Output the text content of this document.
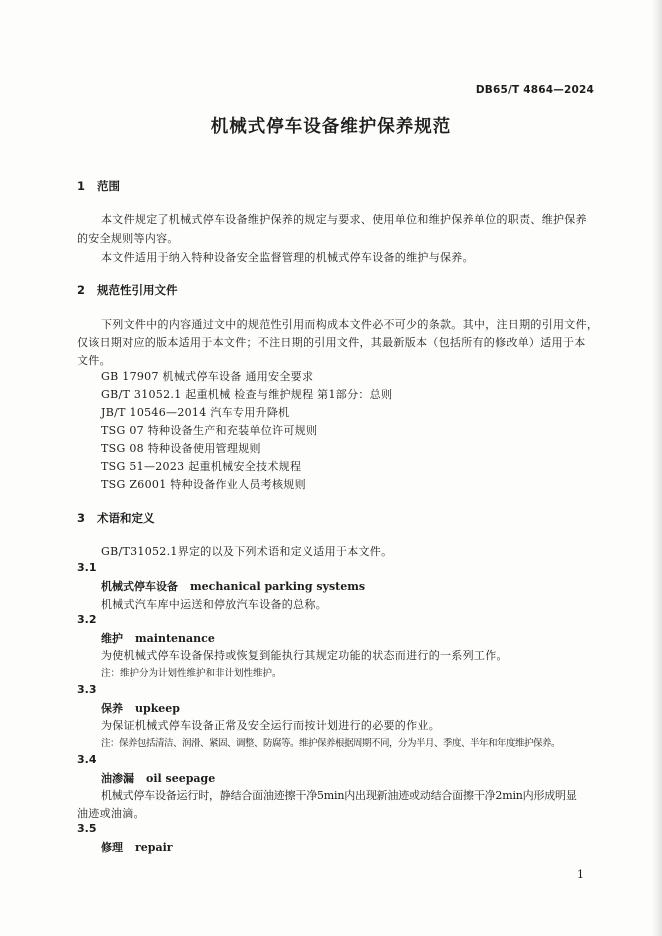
DB65/T 4864—2024
机械式停车设备维护保养规范
1 范围
本文件规定了机械式停车设备维护保养的规定与要求、使用单位和维护保养单位的职责、维护保养
的安全规则等内容。
本文件适用于纳入特种设备安全监督管理的机械式停车设备的维护与保养。
2 规范性引用文件
下列文件中的内容通过文中的规范性引用而构成本文件必不可少的条款。其中，注日期的引用文件，
仅该日期对应的版本适用于本文件；不注日期的引用文件，其最新版本（包括所有的修改单）适用于本
文件。
GB 17907 机械式停车设备 通用安全要求
GB/T 31052.1 起重机械 检查与维护规程 第1部分：总则
JB/T 10546—2014 汽车专用升降机
TSG 07 特种设备生产和充装单位许可规则
TSG 08 特种设备使用管理规则
TSG 51—2023 起重机械安全技术规程
TSG Z6001 特种设备作业人员考核规则
3 术语和定义
GB/T31052.1界定的以及下列术语和定义适用于本文件。
3.1
机械式停车设备 mechanical parking systems
机械式汽车库中运送和停放汽车设备的总称。
3.2
维护 maintenance
为使机械式停车设备保持或恢复到能执行其规定功能的状态而进行的一系列工作。
注：维护分为计划性维护和非计划性维护。
3.3
保养 upkeep
为保证机械式停车设备正常及安全运行而按计划进行的必要的作业。
注：保养包括清洁、润滑、紧固、调整、防腐等。维护保养根据周期不同，分为半月、季度、半年和年度维护保养。
3.4
油渗漏 oil seepage
机械式停车设备运行时，静结合面油迹擦干净5min内出现新油迹或动结合面擦干净2min内形成明显
油迹或油滴。
3.5
修理 repair
1
